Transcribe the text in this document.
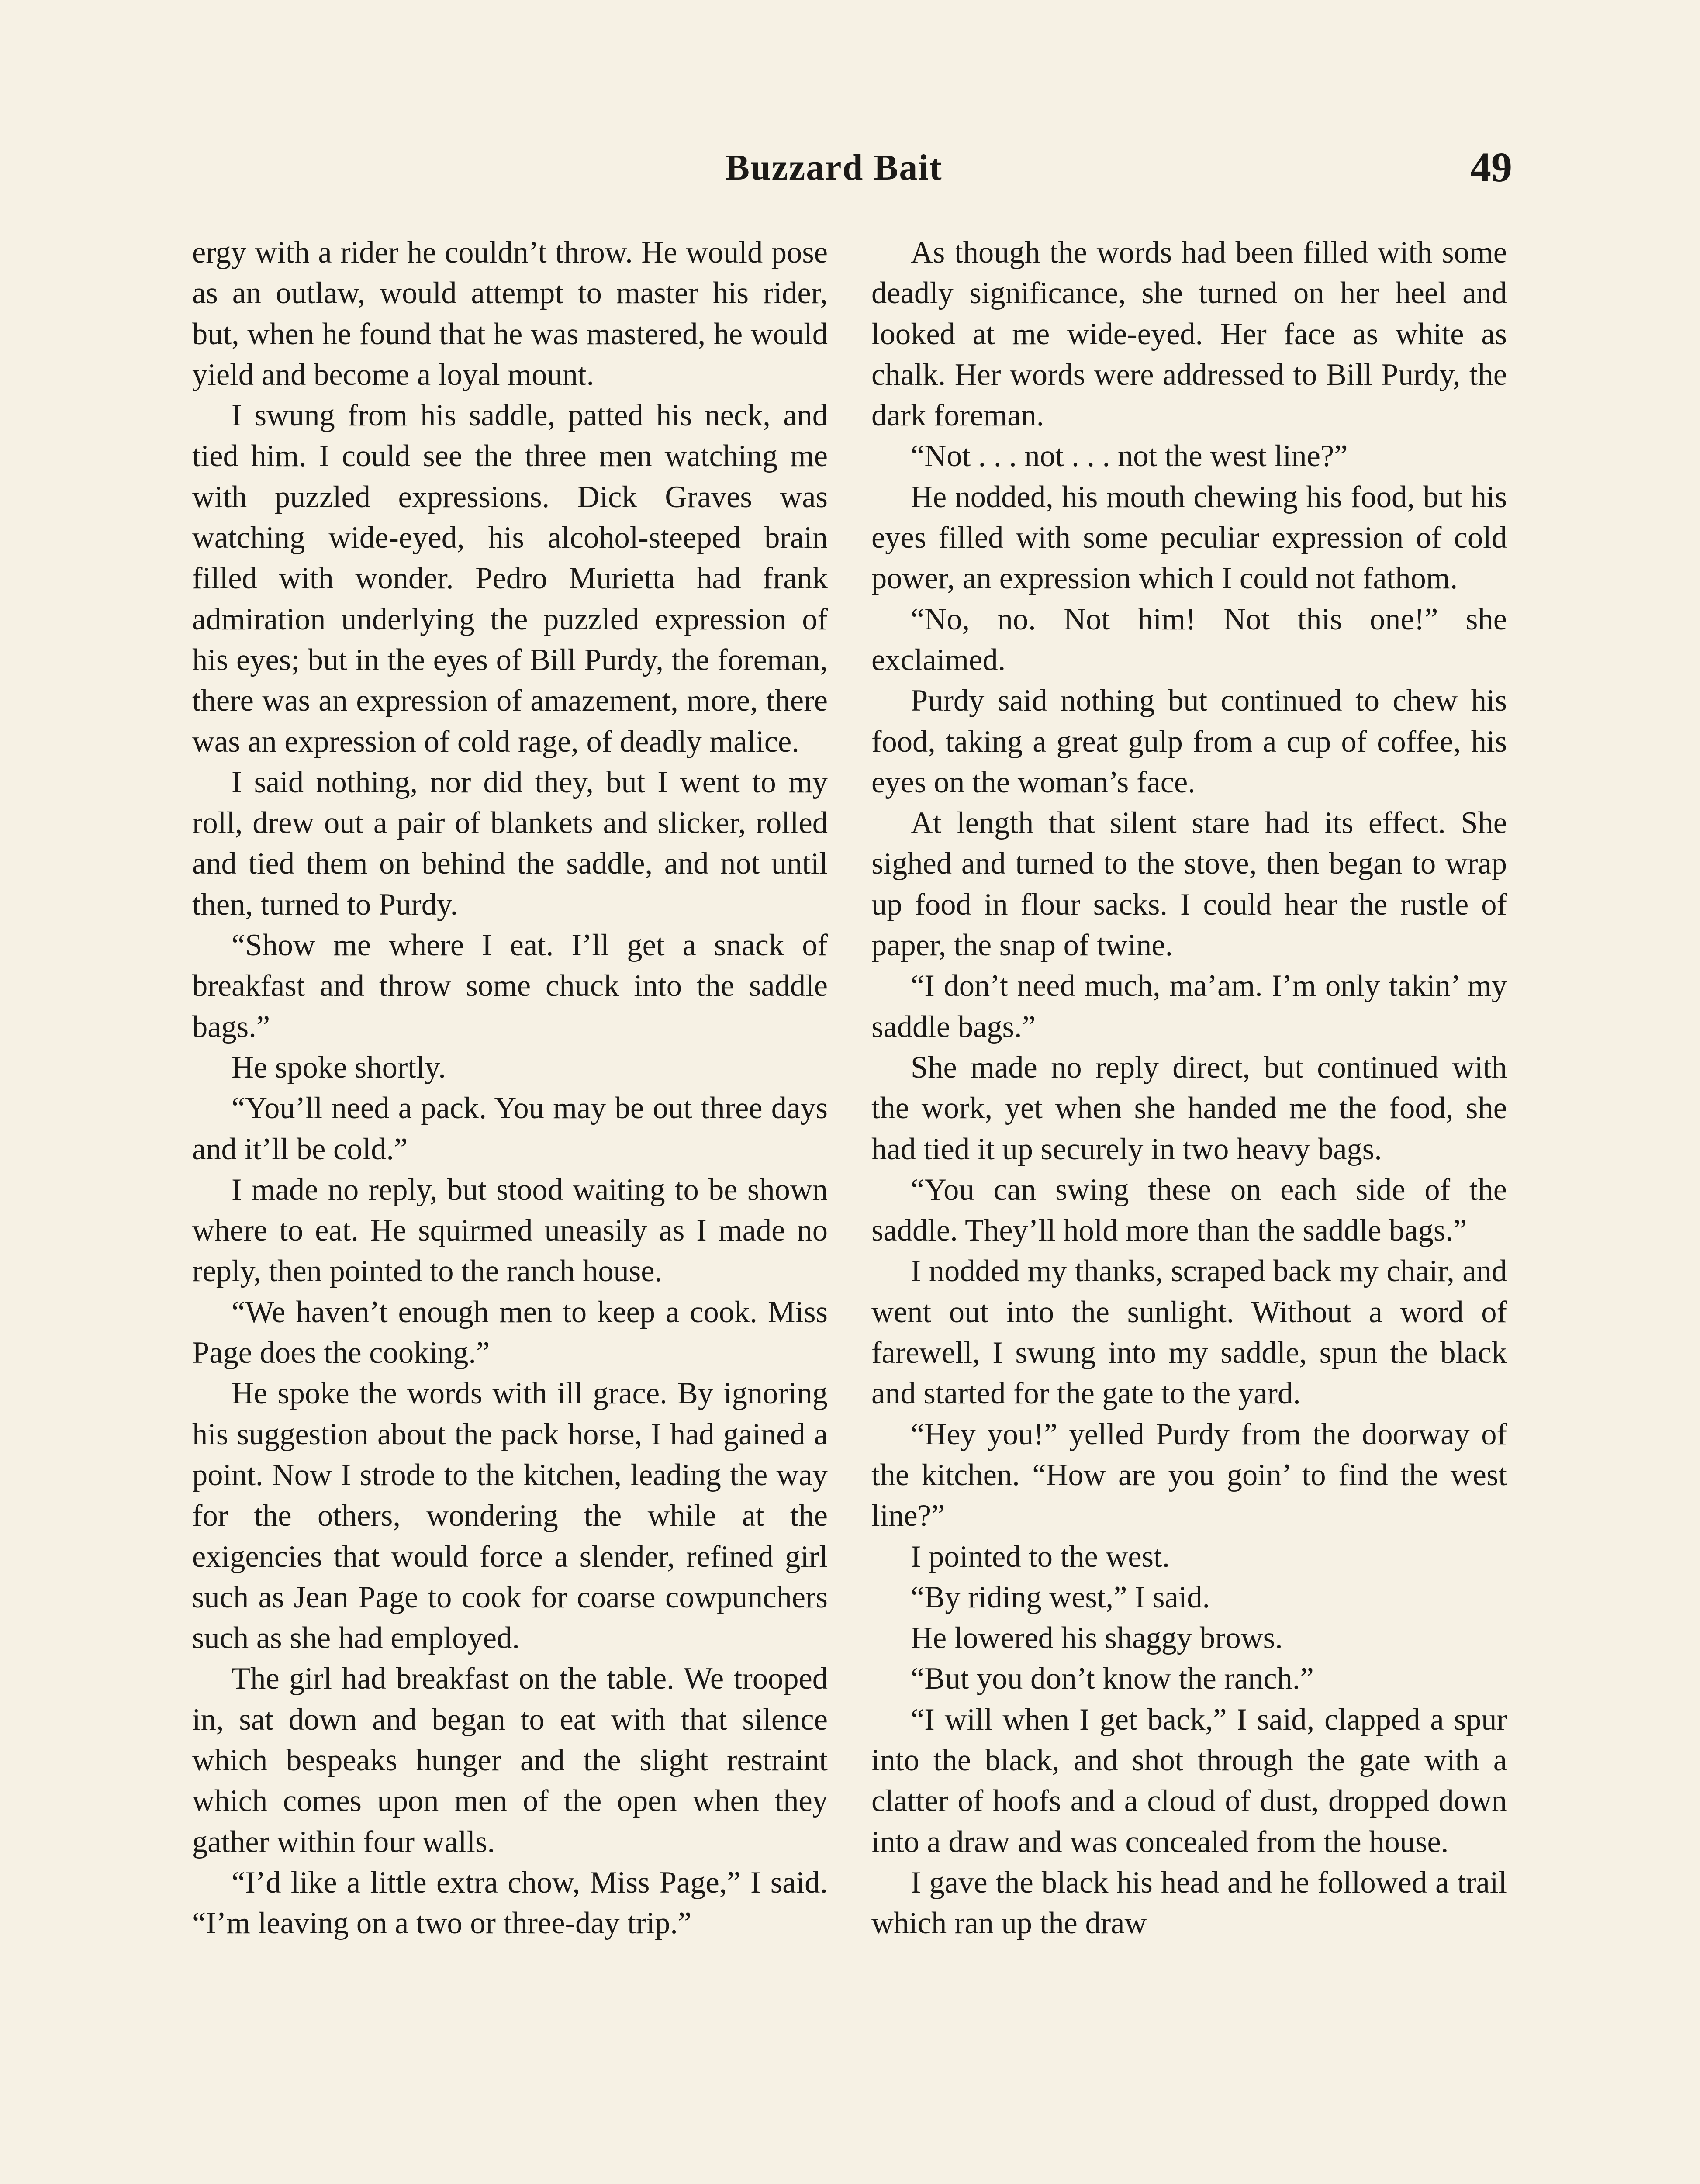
Buzzard Bait	49

ergy with a rider he couldn’t throw. He would pose as an outlaw, would attempt to master his rider, but, when he found that he was mastered, he would yield and become a loyal mount.

I swung from his saddle, patted his neck, and tied him. I could see the three men watching me with puzzled expressions. Dick Graves was watching wide-eyed, his alcohol-steeped brain filled with wonder. Pedro Murietta had frank admiration underlying the puzzled expression of his eyes; but in the eyes of Bill Purdy, the foreman, there was an expression of amazement, more, there was an expression of cold rage, of deadly malice.

I said nothing, nor did they, but I went to my roll, drew out a pair of blankets and slicker, rolled and tied them on behind the saddle, and not until then, turned to Purdy.

“Show me where I eat. I’ll get a snack of breakfast and throw some chuck into the saddle bags.”

He spoke shortly.

“You’ll need a pack. You may be out three days and it’ll be cold.”

I made no reply, but stood waiting to be shown where to eat. He squirmed uneasily as I made no reply, then pointed to the ranch house.

“We haven’t enough men to keep a cook. Miss Page does the cooking.”

He spoke the words with ill grace. By ignoring his suggestion about the pack horse, I had gained a point. Now I strode to the kitchen, leading the way for the others, wondering the while at the exigencies that would force a slender, refined girl such as Jean Page to cook for coarse cowpunchers such as she had employed.

The girl had breakfast on the table. We trooped in, sat down and began to eat with that silence which bespeaks hunger and the slight restraint which comes upon men of the open when they gather within four walls.

“I’d like a little extra chow, Miss Page,” I said. “I’m leaving on a two or three-day trip.”

As though the words had been filled with some deadly significance, she turned on her heel and looked at me wide-eyed. Her face as white as chalk. Her words were addressed to Bill Purdy, the dark foreman.

“Not . . . not . . . not the west line?”

He nodded, his mouth chewing his food, but his eyes filled with some peculiar expression of cold power, an expression which I could not fathom.

“No, no. Not him! Not this one!” she exclaimed.

Purdy said nothing but continued to chew his food, taking a great gulp from a cup of coffee, his eyes on the woman’s face.

At length that silent stare had its effect. She sighed and turned to the stove, then began to wrap up food in flour sacks. I could hear the rustle of paper, the snap of twine.

“I don’t need much, ma’am. I’m only takin’ my saddle bags.”

She made no reply direct, but continued with the work, yet when she handed me the food, she had tied it up securely in two heavy bags.

“You can swing these on each side of the saddle. They’ll hold more than the saddle bags.”

I nodded my thanks, scraped back my chair, and went out into the sunlight. Without a word of farewell, I swung into my saddle, spun the black and started for the gate to the yard.

“Hey you!” yelled Purdy from the doorway of the kitchen. “How are you goin’ to find the west line?”

I pointed to the west.

“By riding west,” I said.

He lowered his shaggy brows.

“But you don’t know the ranch.”

“I will when I get back,” I said, clapped a spur into the black, and shot through the gate with a clatter of hoofs and a cloud of dust, dropped down into a draw and was concealed from the house.

I gave the black his head and he followed a trail which ran up the draw
